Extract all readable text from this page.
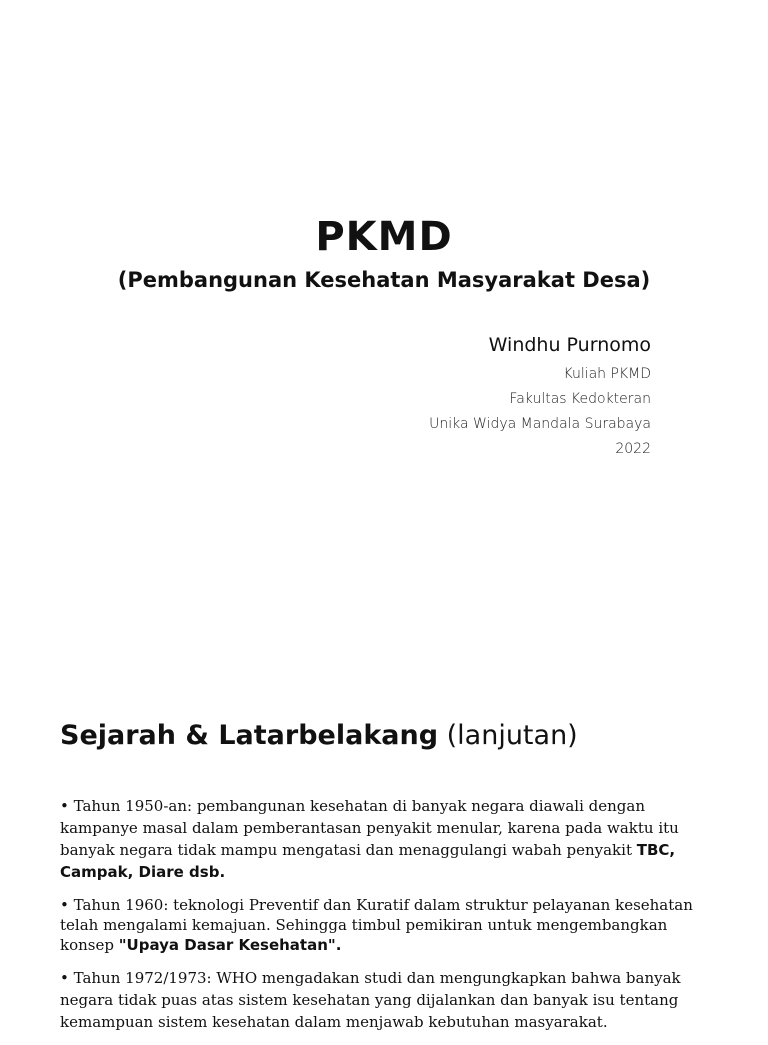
PKMD
(Pembangunan Kesehatan Masyarakat Desa)
Windhu Purnomo
Kuliah PKMD
Fakultas Kedokteran
Unika Widya Mandala Surabaya
2022
Sejarah & Latarbelakang (lanjutan)
• Tahun 1950-an: pembangunan kesehatan di banyak negara diawali dengan kampanye masal dalam pemberantasan penyakit menular, karena pada waktu itu banyak negara tidak mampu mengatasi dan menaggulangi wabah penyakit TBC, Campak, Diare dsb.
• Tahun 1960: teknologi Preventif dan Kuratif dalam struktur pelayanan kesehatan telah mengalami kemajuan. Sehingga timbul pemikiran untuk mengembangkan konsep "Upaya Dasar Kesehatan".
• Tahun 1972/1973: WHO mengadakan studi dan mengungkapkan bahwa banyak negara tidak puas atas sistem kesehatan yang dijalankan dan banyak isu tentang kemampuan sistem kesehatan dalam menjawab kebutuhan masyarakat.
